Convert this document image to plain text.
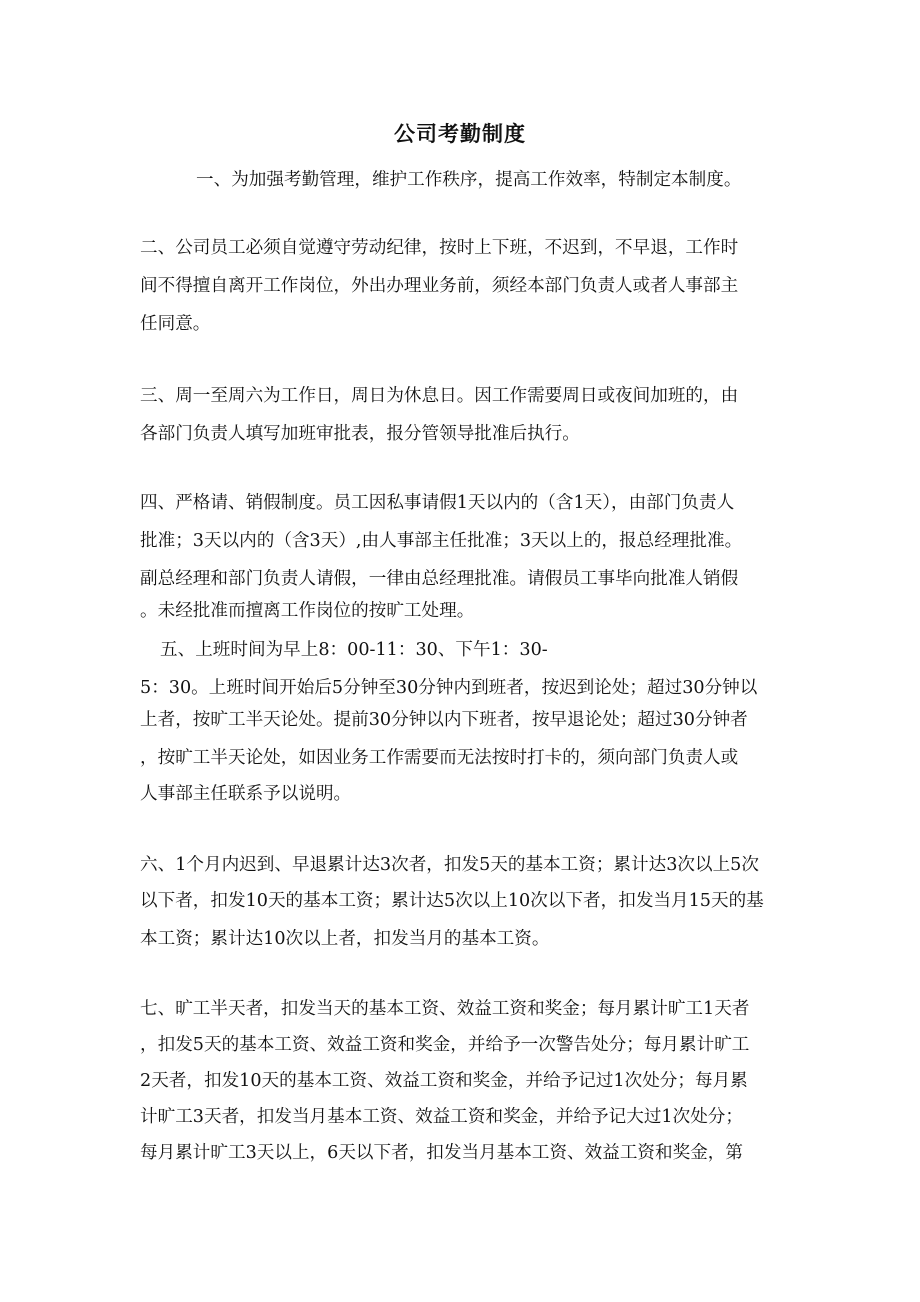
公司考勤制度
一、为加强考勤管理，维护工作秩序，提高工作效率，特制定本制度。
二、公司员工必须自觉遵守劳动纪律，按时上下班，不迟到，不早退，工作时
间不得擅自离开工作岗位，外出办理业务前，须经本部门负责人或者人事部主
任同意。
三、周一至周六为工作日，周日为休息日。因工作需要周日或夜间加班的，由
各部门负责人填写加班审批表，报分管领导批准后执行。
四、严格请、销假制度。员工因私事请假1天以内的（含1天），由部门负责人
批准；3天以内的（含3天）,由人事部主任批准；3天以上的，报总经理批准。
副总经理和部门负责人请假，一律由总经理批准。请假员工事毕向批准人销假
。未经批准而擅离工作岗位的按旷工处理。
五、上班时间为早上8：00-11：30、下午1：30-
5：30。上班时间开始后5分钟至30分钟内到班者，按迟到论处；超过30分钟以
上者，按旷工半天论处。提前30分钟以内下班者，按早退论处；超过30分钟者
，按旷工半天论处，如因业务工作需要而无法按时打卡的，须向部门负责人或
人事部主任联系予以说明。
六、1个月内迟到、早退累计达3次者，扣发5天的基本工资；累计达3次以上5次
以下者，扣发10天的基本工资；累计达5次以上10次以下者，扣发当月15天的基
本工资；累计达10次以上者，扣发当月的基本工资。
七、旷工半天者，扣发当天的基本工资、效益工资和奖金；每月累计旷工1天者
，扣发5天的基本工资、效益工资和奖金，并给予一次警告处分；每月累计旷工
2天者，扣发10天的基本工资、效益工资和奖金，并给予记过1次处分；每月累
计旷工3天者，扣发当月基本工资、效益工资和奖金，并给予记大过1次处分；
每月累计旷工3天以上，6天以下者，扣发当月基本工资、效益工资和奖金，第
